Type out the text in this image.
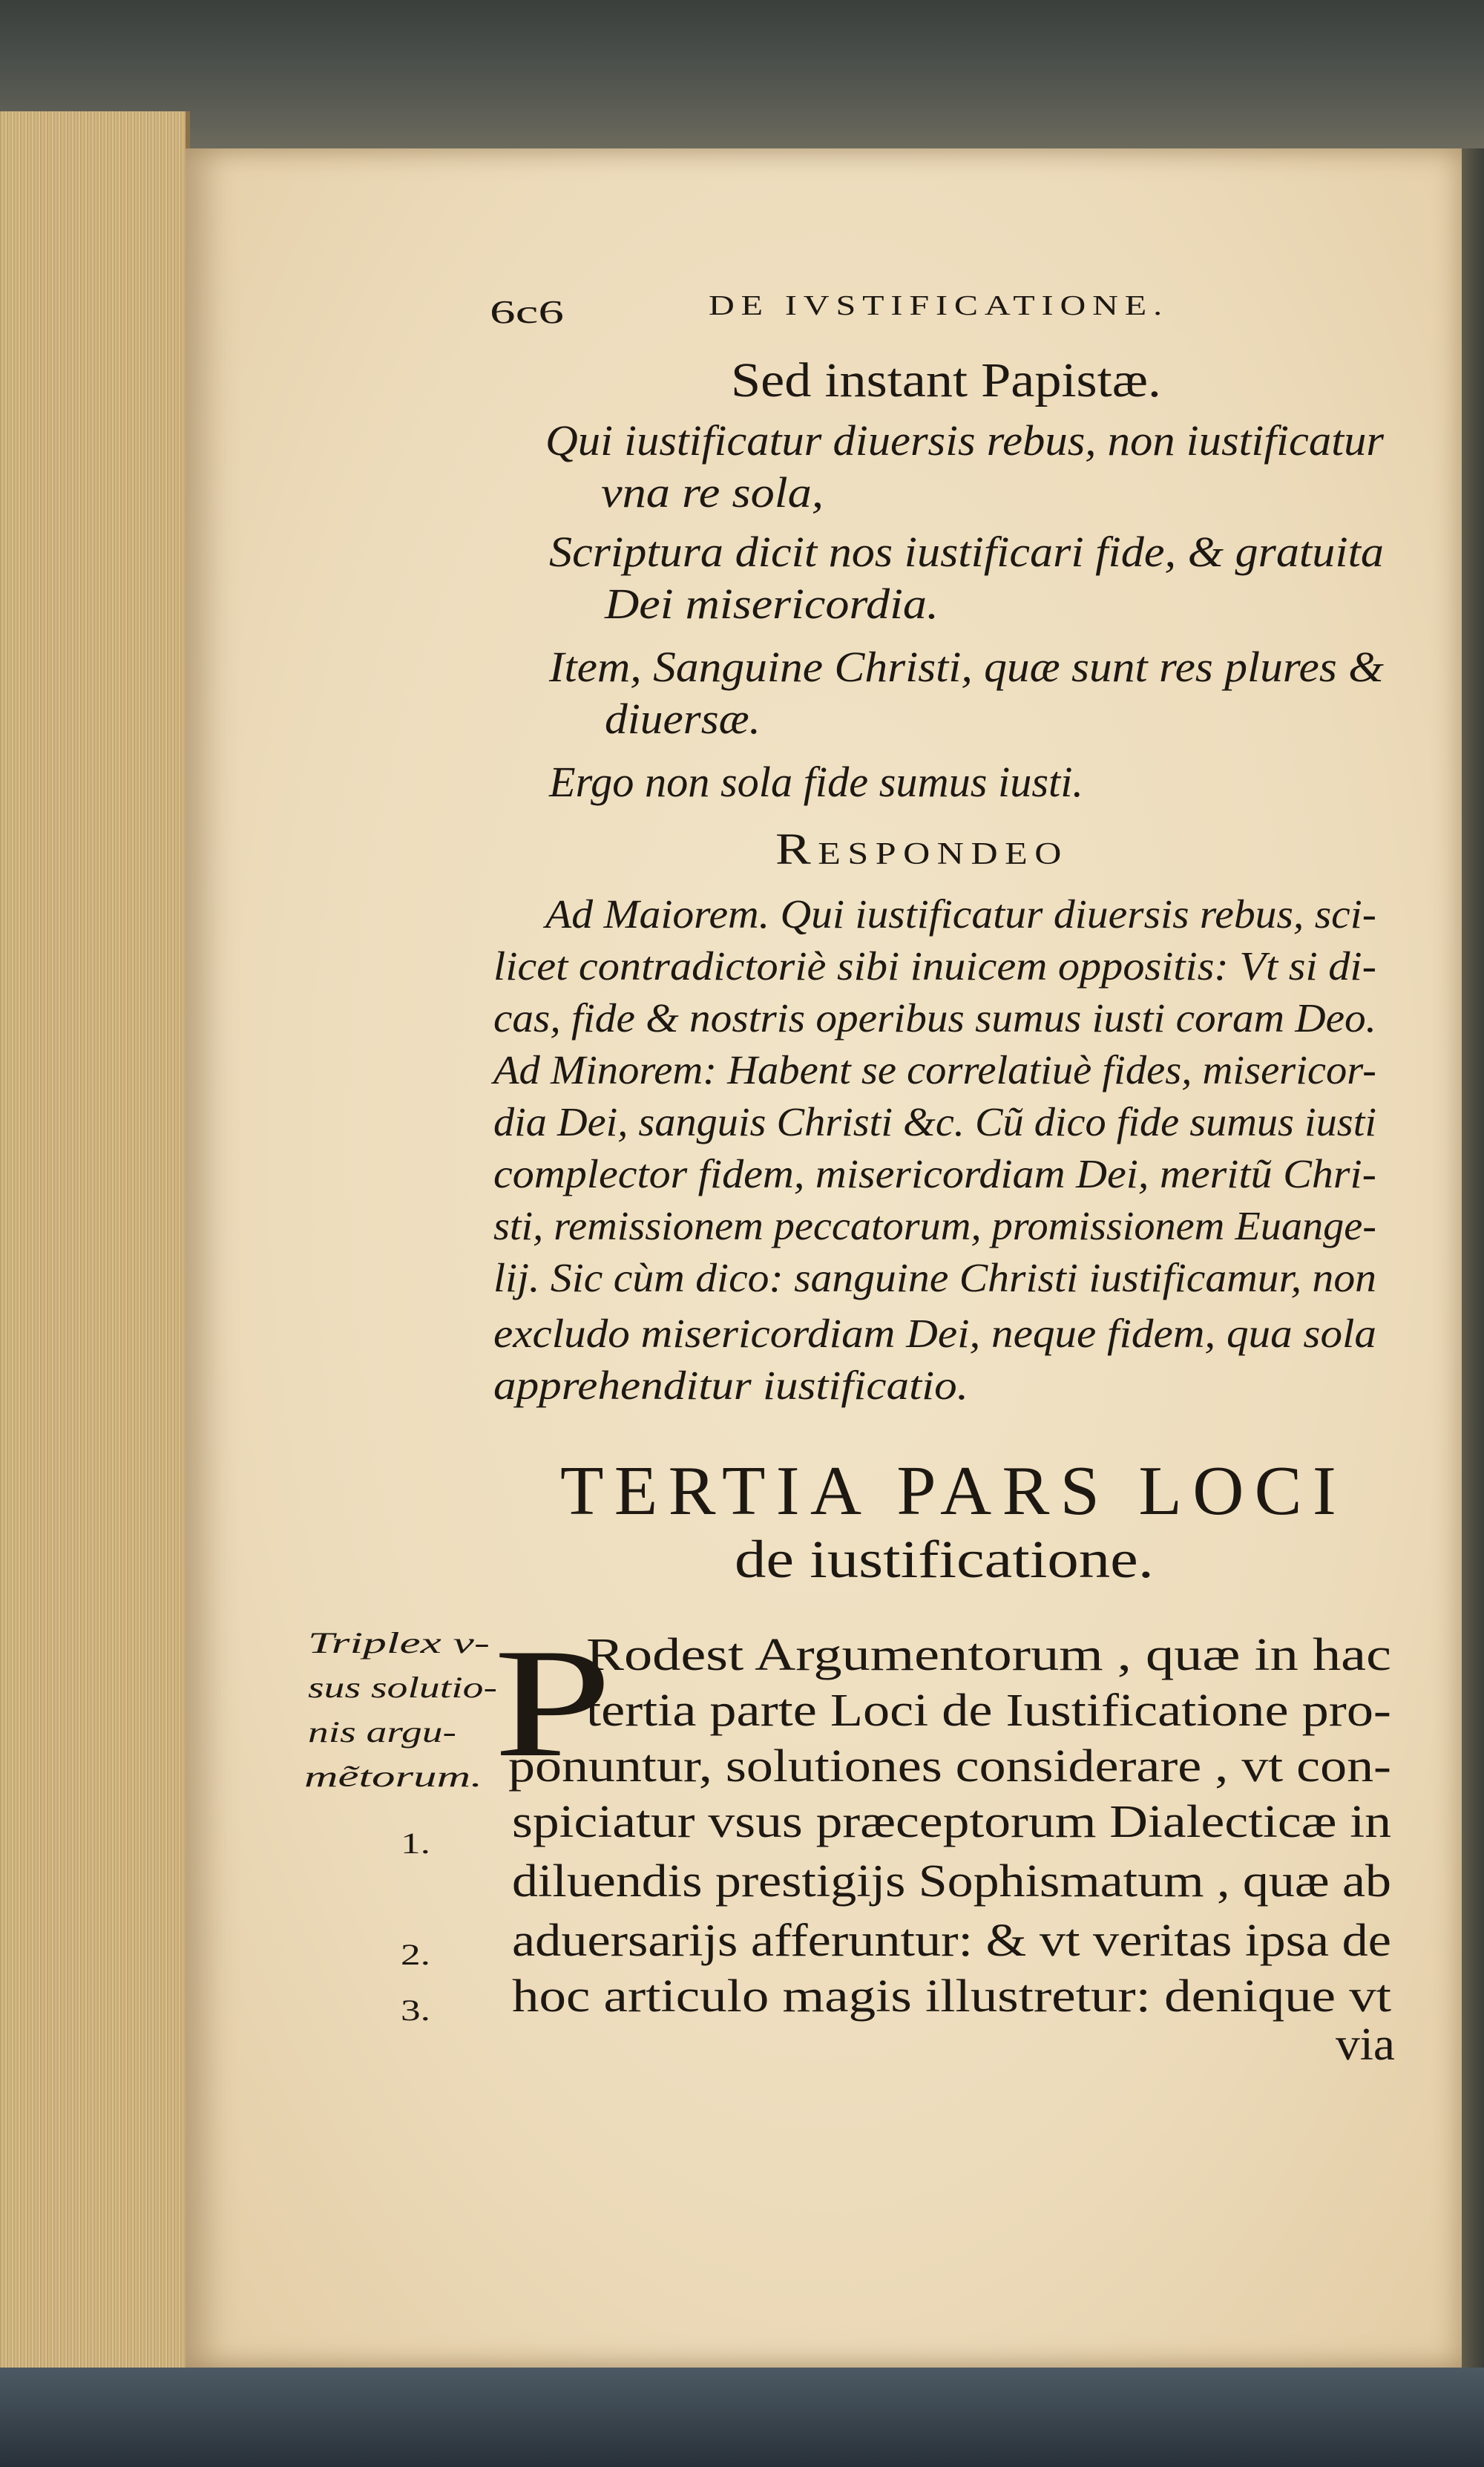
6c6	DE IVSTIFICATIONE.
Sed instant Papistæ.
Qui iustificatur diuersis rebus, non iustificatur
vna re sola,
Scriptura dicit nos iustificari fide, & gratuita
Dei misericordia.
Item, Sanguine Christi, quæ sunt res plures &
diuersæ.
Ergo non sola fide sumus iusti.
Respondeo
Ad Maiorem. Qui iustificatur diuersis rebus, sci-
licet contradictoriè sibi inuicem oppositis: Vt si di-
cas, fide & nostris operibus sumus iusti coram Deo.
Ad Minorem: Habent se correlatiuè fides, misericor-
dia Dei, sanguis Christi &c. Cũ dico fide sumus iusti
complector fidem, misericordiam Dei, meritũ Chri-
sti, remissionem peccatorum, promissionem Euange-
lij. Sic cùm dico: sanguine Christi iustificamur, non
excludo misericordiam Dei, neque fidem, qua sola
apprehenditur iustificatio.
TERTIA PARS LOCI
de iustificatione.
Triplex v-
sus solutio-
nis argu-
mẽtorum.
1.
2.
3.
P
Rodest Argumentorum , quæ in hac
tertia parte Loci de Iustificatione pro-
ponuntur, solutiones considerare , vt con-
spiciatur vsus præceptorum Dialecticæ in
diluendis prestigijs Sophismatum , quæ ab
aduersarijs afferuntur: & vt veritas ipsa de
hoc articulo magis illustretur: denique vt
via
